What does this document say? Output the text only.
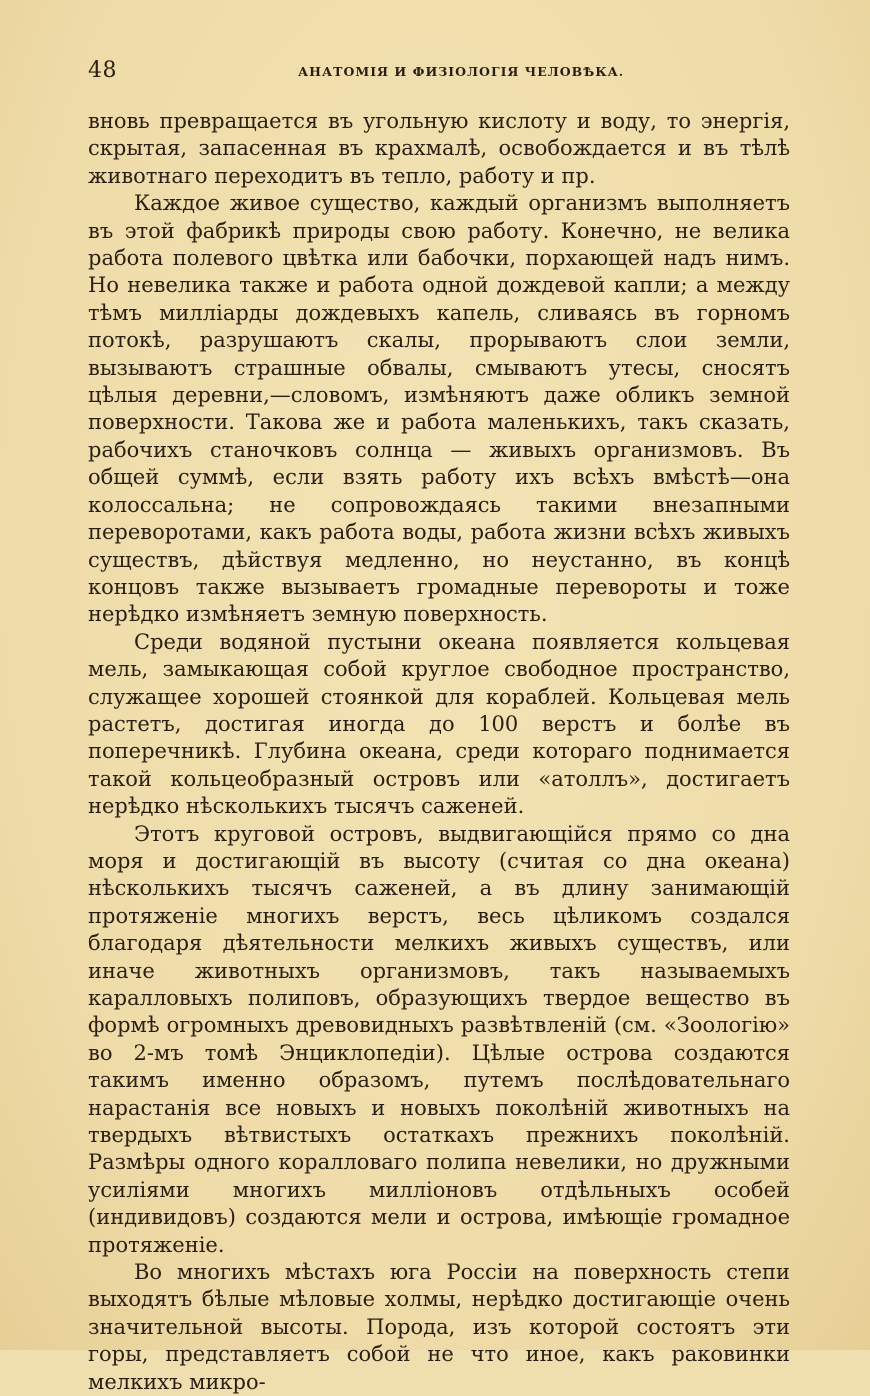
48	АНАТОМІЯ И ФИЗІОЛОГІЯ ЧЕЛОВѢКА.

вновь превращается въ угольную кислоту и воду, то энергія, скрытая, запасенная въ крахмалѣ, освобождается и въ тѣлѣ животнаго переходитъ въ тепло, работу и пр.

Каждое живое существо, каждый организмъ выполняетъ въ этой фабрикѣ природы свою работу. Конечно, не велика работа полевого цвѣтка или бабочки, порхающей надъ нимъ. Но невелика также и работа одной дождевой капли; а между тѣмъ милліарды дождевыхъ капель, сливаясь въ горномъ потокѣ, разрушаютъ скалы, прорываютъ слои земли, вызываютъ страшные обвалы, смываютъ утесы, сносятъ цѣлыя деревни,—словомъ, измѣняютъ даже обликъ земной поверхности. Такова же и работа маленькихъ, такъ сказать, рабочихъ станочковъ солнца — живыхъ организмовъ. Въ общей суммѣ, если взять работу ихъ всѣхъ вмѣстѣ—она колоссальна; не сопровождаясь такими внезапными переворотами, какъ работа воды, работа жизни всѣхъ живыхъ существъ, дѣйствуя медленно, но неустанно, въ концѣ концовъ также вызываетъ громадные перевороты и тоже нерѣдко измѣняетъ земную поверхность.

Среди водяной пустыни океана появляется кольцевая мель, замыкающая собой круглое свободное пространство, служащее хорошей стоянкой для кораблей. Кольцевая мель растетъ, достигая иногда до 100 верстъ и болѣе въ поперечникѣ. Глубина океана, среди котораго поднимается такой кольцеобразный островъ или «атоллъ», достигаетъ нерѣдко нѣсколькихъ тысячъ саженей.

Этотъ круговой островъ, выдвигающійся прямо со дна моря и достигающій въ высоту (считая со дна океана) нѣсколькихъ тысячъ саженей, а въ длину занимающій протяженіе многихъ верстъ, весь цѣликомъ создался благодаря дѣятельности мелкихъ живыхъ существъ, или иначе животныхъ организмовъ, такъ называемыхъ каралловыхъ полиповъ, образующихъ твердое вещество въ формѣ огромныхъ древовидныхъ развѣтвленій (см. «Зоологію» во 2-мъ томѣ Энциклопедіи). Цѣлые острова создаются такимъ именно образомъ, путемъ послѣдовательнаго нарастанія все новыхъ и новыхъ поколѣній животныхъ на твердыхъ вѣтвистыхъ остаткахъ прежнихъ поколѣній. Размѣры одного коралловаго полипа невелики, но дружными усиліями многихъ милліоновъ отдѣльныхъ особей (индивидовъ) создаются мели и острова, имѣющіе громадное протяженіе.

Во многихъ мѣстахъ юга Россіи на поверхность степи выходятъ бѣлые мѣловые холмы, нерѣдко достигающіе очень значительной высоты. Порода, изъ которой состоятъ эти горы, представляетъ собой не что иное, какъ раковинки мелкихъ микро-
